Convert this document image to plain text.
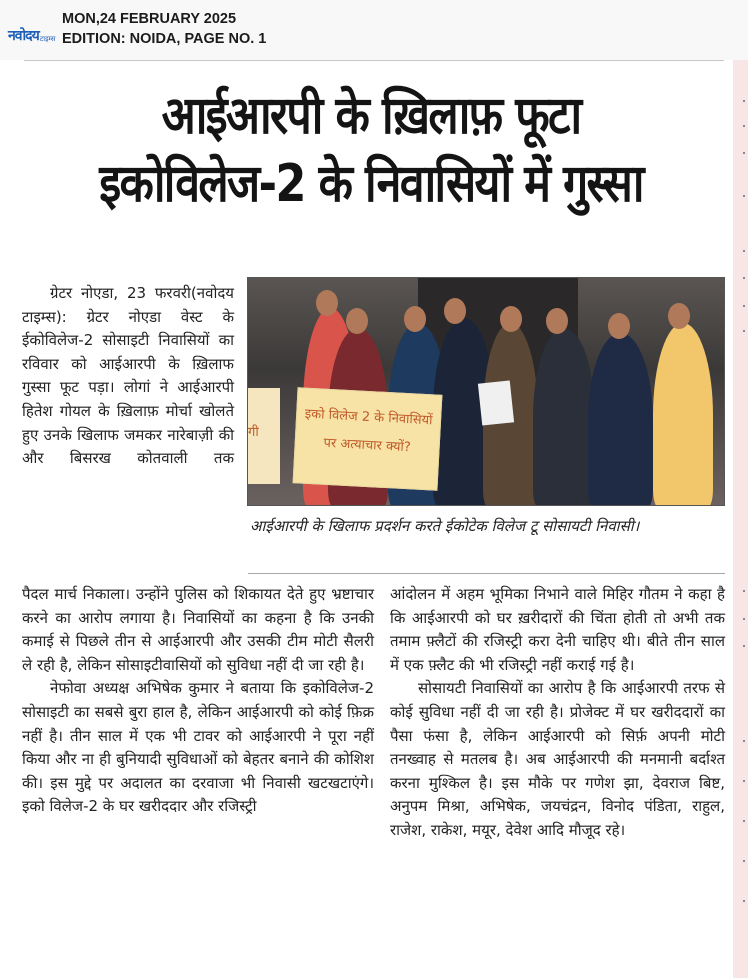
नवोदय टाइम्स
MON,24 FEBRUARY 2025
EDITION: NOIDA, PAGE NO. 1
आईआरपी के ख़िलाफ़ फूटा
इकोविलेज-2 के निवासियों में गुस्सा

ग्रेटर नोएडा, 23 फरवरी(नवोदय टाइम्स): ग्रेटर नोएडा वेस्ट के ईकोविलेज-2 सोसाइटी निवासियों का रविवार को आईआरपी के ख़िलाफ गुस्सा फूट पड़ा। लोगां ने आईआरपी हितेश गोयल के ख़िलाफ़ मोर्चा खोलते हुए उनके खिलाफ जमकर नारेबाज़ी की और बिसरख कोतवाली तक

गी
इको विलेज 2 के निवासियों
पर अत्याचार क्यों?
आईआरपी के खिलाफ प्रदर्शन करते ईकोटेक विलेज टू सोसायटी निवासी।

पैदल मार्च निकाला। उन्होंने पुलिस को शिकायत देते हुए भ्रष्टाचार करने का आरोप लगाया है। निवासियों का कहना है कि उनकी कमाई से पिछले तीन से आईआरपी और उसकी टीम मोटी सैलरी ले रही है, लेकिन सोसाइटीवासियों को सुविधा नहीं दी जा रही है।

नेफोवा अध्यक्ष अभिषेक कुमार ने बताया कि इकोविलेज-2 सोसाइटी का सबसे बुरा हाल है, लेकिन आईआरपी को कोई फ़िक्र नहीं है। तीन साल में एक भी टावर को आईआरपी ने पूरा नहीं किया और ना ही बुनियादी सुविधाओं को बेहतर बनाने की कोशिश की। इस मुद्दे पर अदालत का दरवाजा भी निवासी खटखटाएंगे। इको विलेज-2 के घर खरीददार और रजिस्ट्री

आंदोलन में अहम भूमिका निभाने वाले मिहिर गौतम ने कहा है कि आईआरपी को घर ख़रीदारों की चिंता होती तो अभी तक तमाम फ़्लैटों की रजिस्ट्री करा देनी चाहिए थी। बीते तीन साल में एक फ़्लैट की भी रजिस्ट्री नहीं कराई गई है।

सोसायटी निवासियों का आरोप है कि आईआरपी तरफ से कोई सुविधा नहीं दी जा रही है। प्रोजेक्ट में घर खरीददारों का पैसा फंसा है, लेकिन आईआरपी को सिर्फ़ अपनी मोटी तनख्वाह से मतलब है। अब आईआरपी की मनमानी बर्दाश्त करना मुश्किल है। इस मौके पर गणेश झा, देवराज बिष्ट, अनुपम मिश्रा, अभिषेक, जयचंद्रन, विनोद पंडिता, राहुल, राजेश, राकेश, मयूर, देवेश आदि मौजूद रहे।
